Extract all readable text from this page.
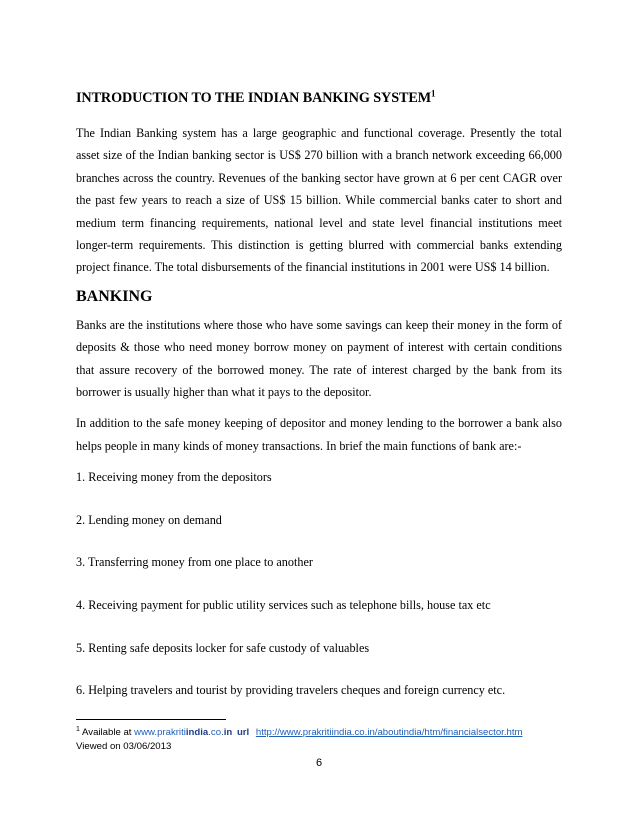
INTRODUCTION TO THE INDIAN BANKING SYSTEM$^1$

The Indian Banking system has a large geographic and functional coverage. Presently the total asset size of the Indian banking sector is US$ 270 billion with a branch network exceeding 66,000 branches across the country. Revenues of the banking sector have grown at 6 per cent CAGR over the past few years to reach a size of US$ 15 billion. While commercial banks cater to short and medium term financing requirements, national level and state level financial institutions meet longer-term requirements. This distinction is getting blurred with commercial banks extending project finance. The total disbursements of the financial institutions in 2001 were US$ 14 billion.

BANKING

Banks are the institutions where those who have some savings can keep their money in the form of deposits & those who need money borrow money on payment of interest with certain conditions that assure recovery of the borrowed money. The rate of interest charged by the bank from its borrower is usually higher than what it pays to the depositor.

In addition to the safe money keeping of depositor and money lending to the borrower a bank also helps people in many kinds of money transactions. In brief the main functions of bank are:-

1. Receiving money from the depositors

2. Lending money on demand

3. Transferring money from one place to another

4. Receiving payment for public utility services such as telephone bills, house tax etc

5. Renting safe deposits locker for safe custody of valuables

6. Helping travelers and tourist by providing travelers cheques and foreign currency etc.

$^1$ Available at www.prakritiindia.co.in url http://www.prakritiindia.co.in/aboutindia/htm/financialsector.htm
Viewed on 03/06/2013
6
